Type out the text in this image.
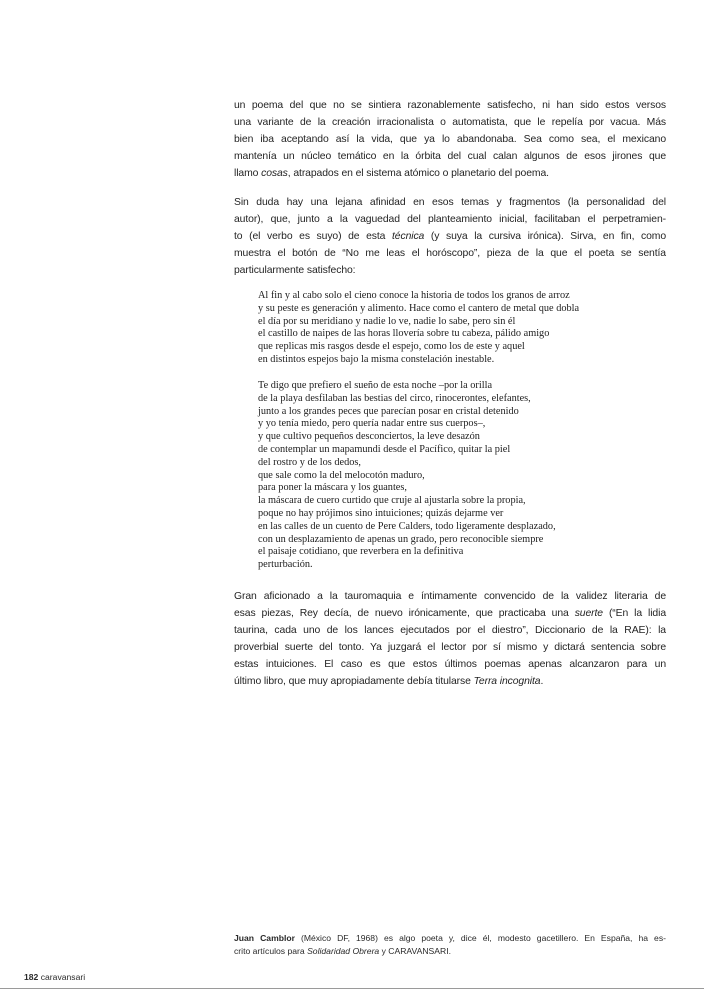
un poema del que no se sintiera razonablemente satisfecho, ni han sido estos versos
una variante de la creación irracionalista o automatista, que le repelía por vacua. Más
bien iba aceptando así la vida, que ya lo abandonaba. Sea como sea, el mexicano
mantenía un núcleo temático en la órbita del cual calan algunos de esos jirones que
llamo cosas, atrapados en el sistema atómico o planetario del poema.
Sin duda hay una lejana afinidad en esos temas y fragmentos (la personalidad del
autor), que, junto a la vaguedad del planteamiento inicial, facilitaban el perpetramien-
to (el verbo es suyo) de esta técnica (y suya la cursiva irónica). Sirva, en fin, como
muestra el botón de “No me leas el horóscopo”, pieza de la que el poeta se sentía
particularmente satisfecho:
Al fin y al cabo solo el cieno conoce la historia de todos los granos de arroz
y su peste es generación y alimento. Hace como el cantero de metal que dobla
el día por su meridiano y nadie lo ve, nadie lo sabe, pero sin él
el castillo de naipes de las horas llovería sobre tu cabeza, pálido amigo
que replicas mis rasgos desde el espejo, como los de este y aquel
en distintos espejos bajo la misma constelación inestable.
Te digo que prefiero el sueño de esta noche –por la orilla
de la playa desfilaban las bestias del circo, rinocerontes, elefantes,
junto a los grandes peces que parecían posar en cristal detenido
y yo tenía miedo, pero quería nadar entre sus cuerpos–,
y que cultivo pequeños desconciertos, la leve desazón
de contemplar un mapamundi desde el Pacífico, quitar la piel
del rostro y de los dedos,
que sale como la del melocotón maduro,
para poner la máscara y los guantes,
la máscara de cuero curtido que cruje al ajustarla sobre la propia,
poque no hay prójimos sino intuiciones; quizás dejarme ver
en las calles de un cuento de Pere Calders, todo ligeramente desplazado,
con un desplazamiento de apenas un grado, pero reconocible siempre
el paisaje cotidiano, que reverbera en la definitiva
perturbación.
Gran aficionado a la tauromaquia e íntimamente convencido de la validez literaria de
esas piezas, Rey decía, de nuevo irónicamente, que practicaba una suerte (“En la lidia
taurina, cada uno de los lances ejecutados por el diestro”, Diccionario de la RAE): la
proverbial suerte del tonto. Ya juzgará el lector por sí mismo y dictará sentencia sobre
estas intuiciones. El caso es que estos últimos poemas apenas alcanzaron para un
último libro, que muy apropiadamente debía titularse Terra incognita.
Juan Camblor (México DF, 1968) es algo poeta y, dice él, modesto gacetillero. En España, ha es-
crito artículos para Solidaridad Obrera y CARAVANSARI.
182 caravansari
